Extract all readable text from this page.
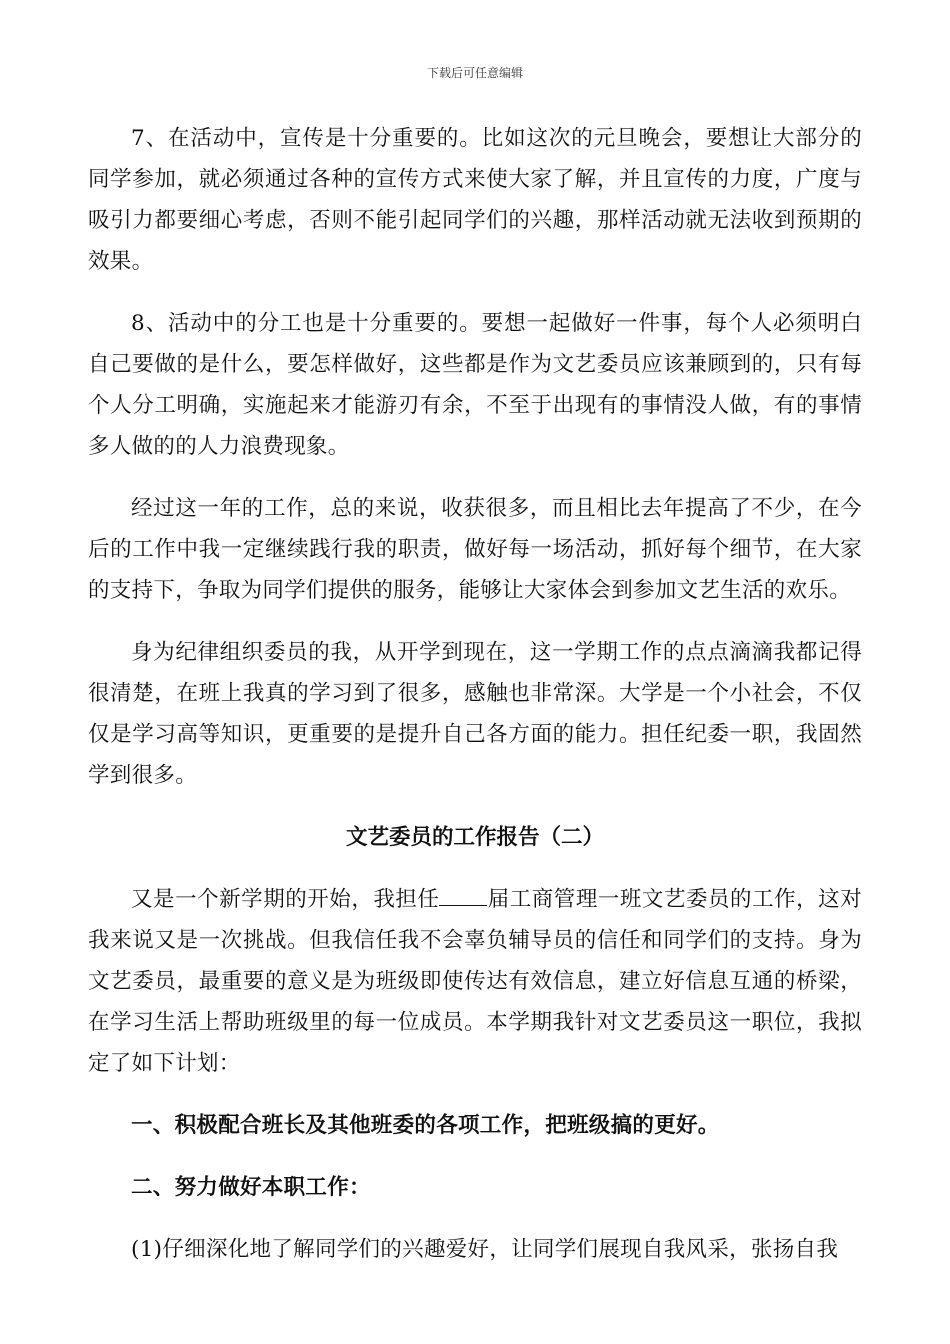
下载后可任意编辑

7、在活动中，宣传是十分重要的。比如这次的元旦晚会，要想让大部分的同学参加，就必须通过各种的宣传方式来使大家了解，并且宣传的力度，广度与吸引力都要细心考虑，否则不能引起同学们的兴趣，那样活动就无法收到预期的效果。

8、活动中的分工也是十分重要的。要想一起做好一件事，每个人必须明白自己要做的是什么，要怎样做好，这些都是作为文艺委员应该兼顾到的，只有每个人分工明确，实施起来才能游刃有余，不至于出现有的事情没人做，有的事情多人做的的人力浪费现象。

经过这一年的工作，总的来说，收获很多，而且相比去年提高了不少，在今后的工作中我一定继续践行我的职责，做好每一场活动，抓好每个细节，在大家的支持下，争取为同学们提供的服务，能够让大家体会到参加文艺生活的欢乐。

身为纪律组织委员的我，从开学到现在，这一学期工作的点点滴滴我都记得很清楚，在班上我真的学习到了很多，感触也非常深。大学是一个小社会，不仅仅是学习高等知识，更重要的是提升自己各方面的能力。担任纪委一职，我固然学到很多。

文艺委员的工作报告（二）

又是一个新学期的开始，我担任 届工商管理一班文艺委员的工作，这对我来说又是一次挑战。但我信任我不会辜负辅导员的信任和同学们的支持。身为文艺委员，最重要的意义是为班级即使传达有效信息，建立好信息互通的桥梁，在学习生活上帮助班级里的每一位成员。本学期我针对文艺委员这一职位，我拟定了如下计划：

一、积极配合班长及其他班委的各项工作，把班级搞的更好。

二、努力做好本职工作：

(1)仔细深化地了解同学们的兴趣爱好，让同学们展现自我风采，张扬自我
